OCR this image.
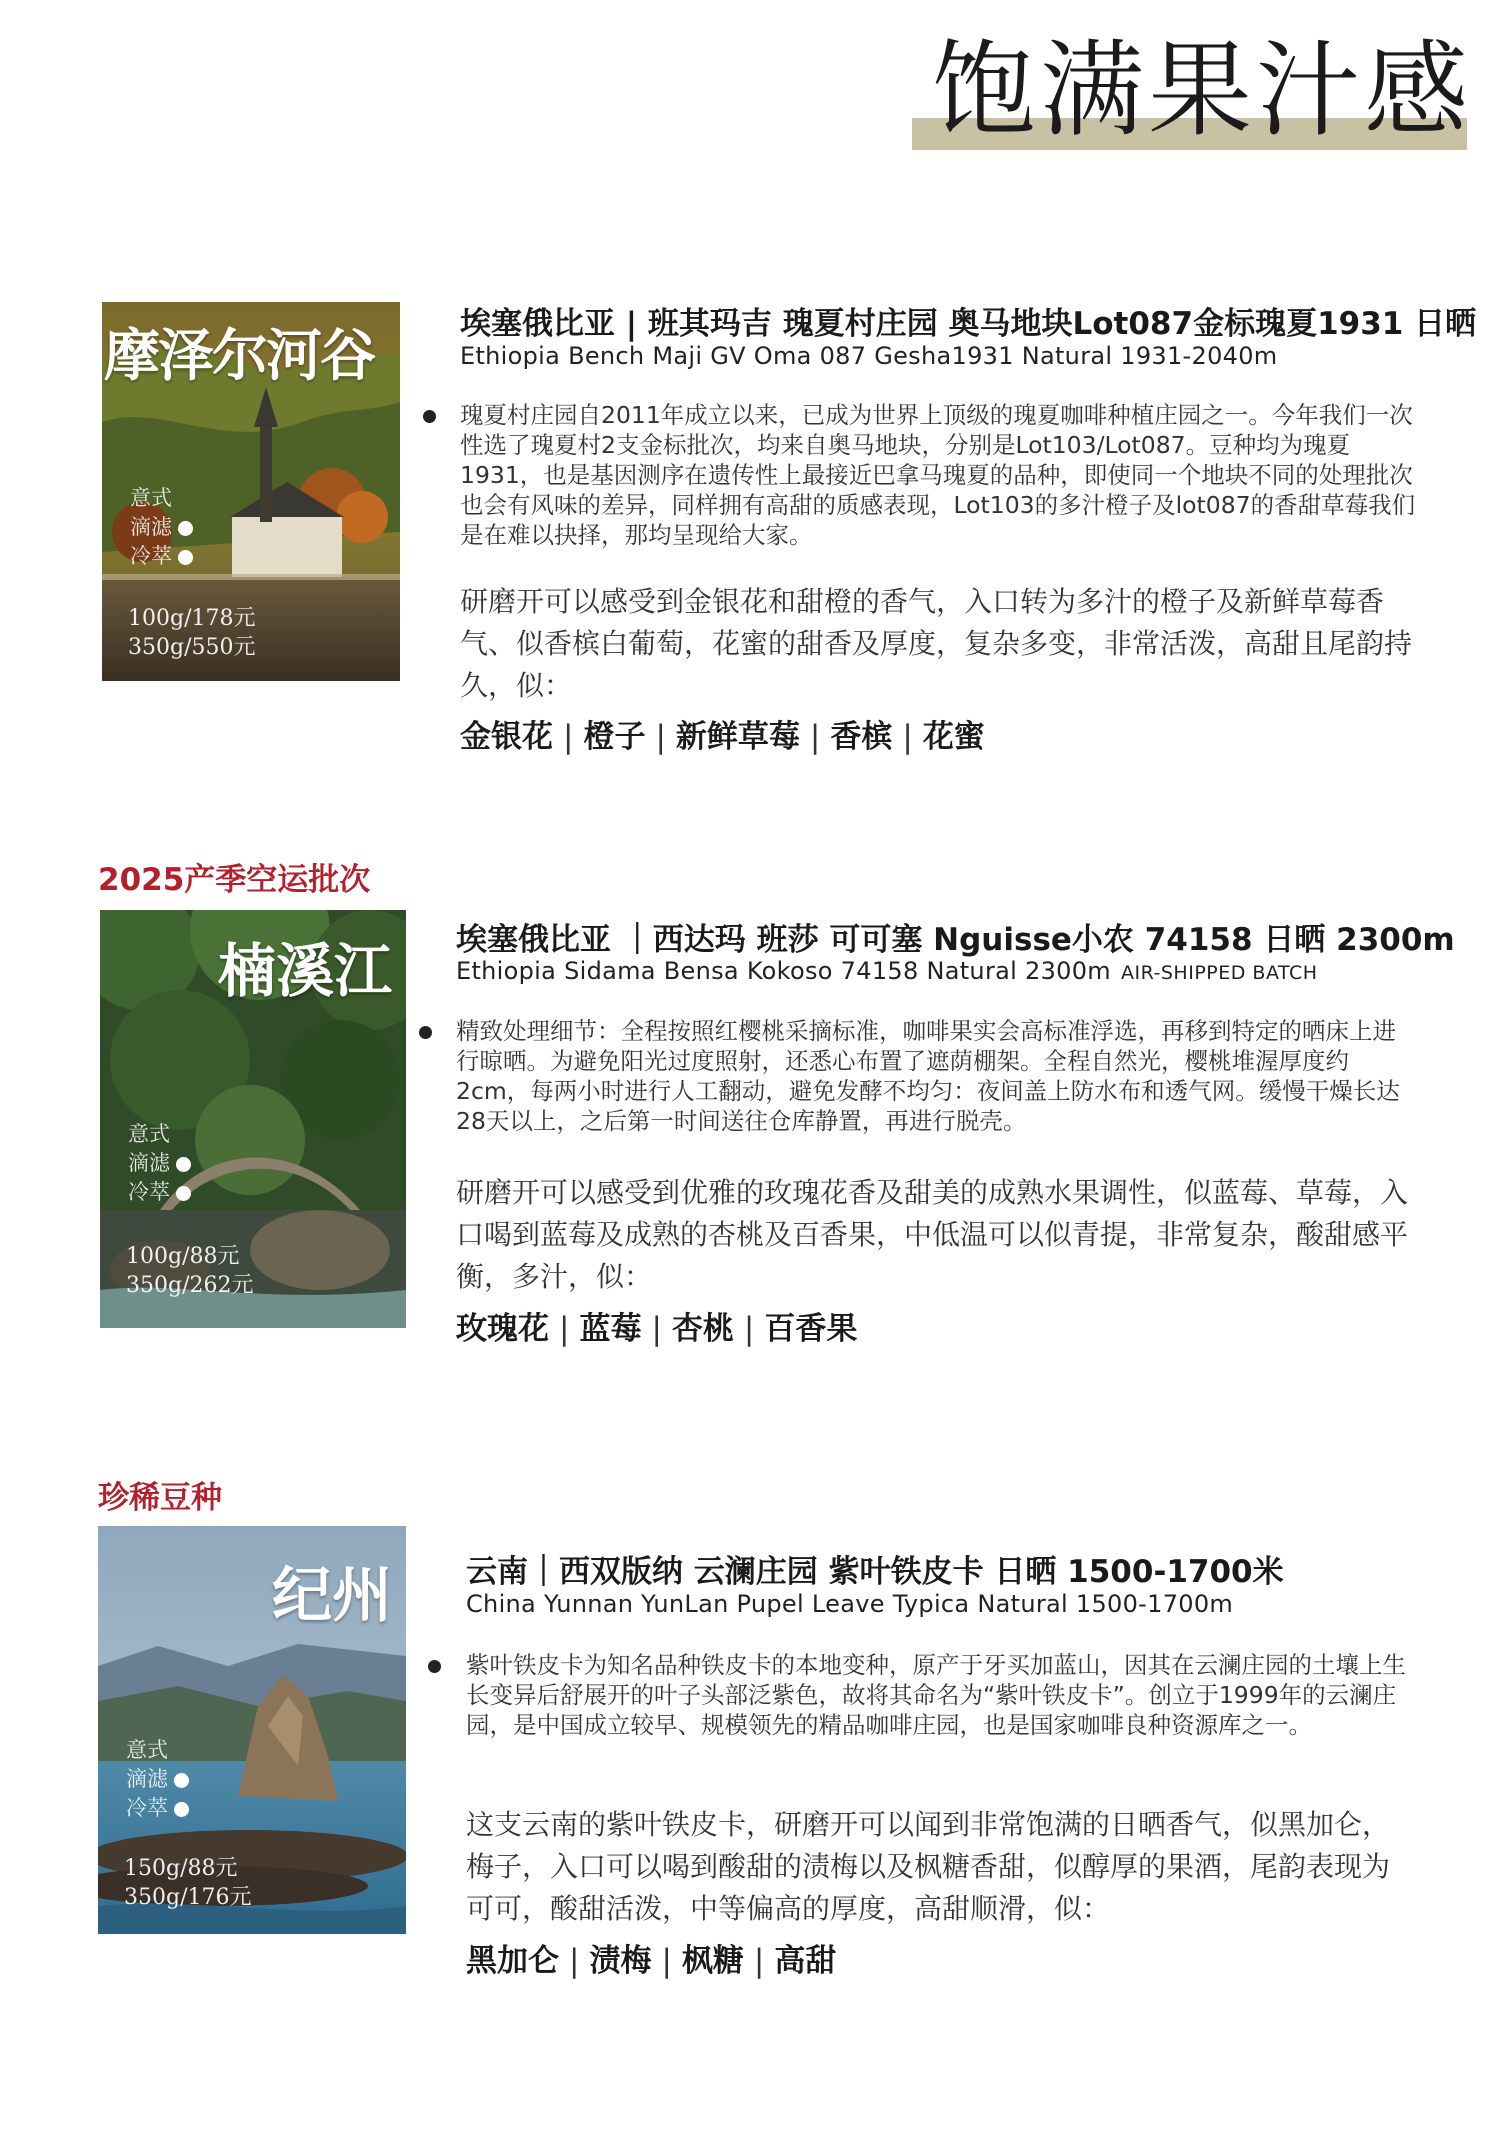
饱满果汁感
摩泽尔河谷
意式
滴滤
冷萃
100g/178元
350g/550元
埃塞俄比亚 | 班其玛吉 瑰夏村庄园 奥马地块Lot087金标瑰夏1931 日晒
Ethiopia Bench Maji GV Oma 087 Gesha1931 Natural 1931-2040m
瑰夏村庄园自2011年成立以来，已成为世界上顶级的瑰夏咖啡种植庄园之一。今年我们一次性选了瑰夏村2支金标批次，均来自奥马地块，分别是Lot103/Lot087。豆种均为瑰夏1931，也是基因测序在遗传性上最接近巴拿马瑰夏的品种，即使同一个地块不同的处理批次也会有风味的差异，同样拥有高甜的质感表现，Lot103的多汁橙子及lot087的香甜草莓我们是在难以抉择，那均呈现给大家。
研磨开可以感受到金银花和甜橙的香气，入口转为多汁的橙子及新鲜草莓香气、似香槟白葡萄，花蜜的甜香及厚度，复杂多变，非常活泼，高甜且尾韵持久，似：
金银花 | 橙子 | 新鲜草莓 | 香槟 | 花蜜
2025产季空运批次
楠溪江
意式
滴滤
冷萃
100g/88元
350g/262元
埃塞俄比亚 ｜西达玛 班莎 可可塞 Nguisse小农 74158 日晒 2300m
Ethiopia Sidama Bensa Kokoso 74158 Natural 2300m AIR-SHIPPED BATCH
精致处理细节：全程按照红樱桃采摘标准，咖啡果实会高标准浮选，再移到特定的晒床上进行晾晒。为避免阳光过度照射，还悉心布置了遮荫棚架。全程自然光，樱桃堆渥厚度约2cm，每两小时进行人工翻动，避免发酵不均匀：夜间盖上防水布和透气网。缓慢干燥长达28天以上，之后第一时间送往仓库静置，再进行脱壳。
研磨开可以感受到优雅的玫瑰花香及甜美的成熟水果调性，似蓝莓、草莓，入口喝到蓝莓及成熟的杏桃及百香果，中低温可以似青提，非常复杂，酸甜感平衡，多汁，似：
玫瑰花 | 蓝莓 | 杏桃 | 百香果
珍稀豆种
纪州
意式
滴滤
冷萃
150g/88元
350g/176元
云南｜西双版纳 云澜庄园 紫叶铁皮卡 日晒 1500-1700米
China Yunnan YunLan Pupel Leave Typica Natural 1500-1700m
紫叶铁皮卡为知名品种铁皮卡的本地变种，原产于牙买加蓝山，因其在云澜庄园的土壤上生长变异后舒展开的叶子头部泛紫色，故将其命名为“紫叶铁皮卡”。创立于1999年的云澜庄园，是中国成立较早、规模领先的精品咖啡庄园，也是国家咖啡良种资源库之一。
这支云南的紫叶铁皮卡，研磨开可以闻到非常饱满的日晒香气，似黑加仑，梅子，入口可以喝到酸甜的渍梅以及枫糖香甜，似醇厚的果酒，尾韵表现为可可，酸甜活泼，中等偏高的厚度，高甜顺滑，似：
黑加仑 | 渍梅 | 枫糖 | 高甜
